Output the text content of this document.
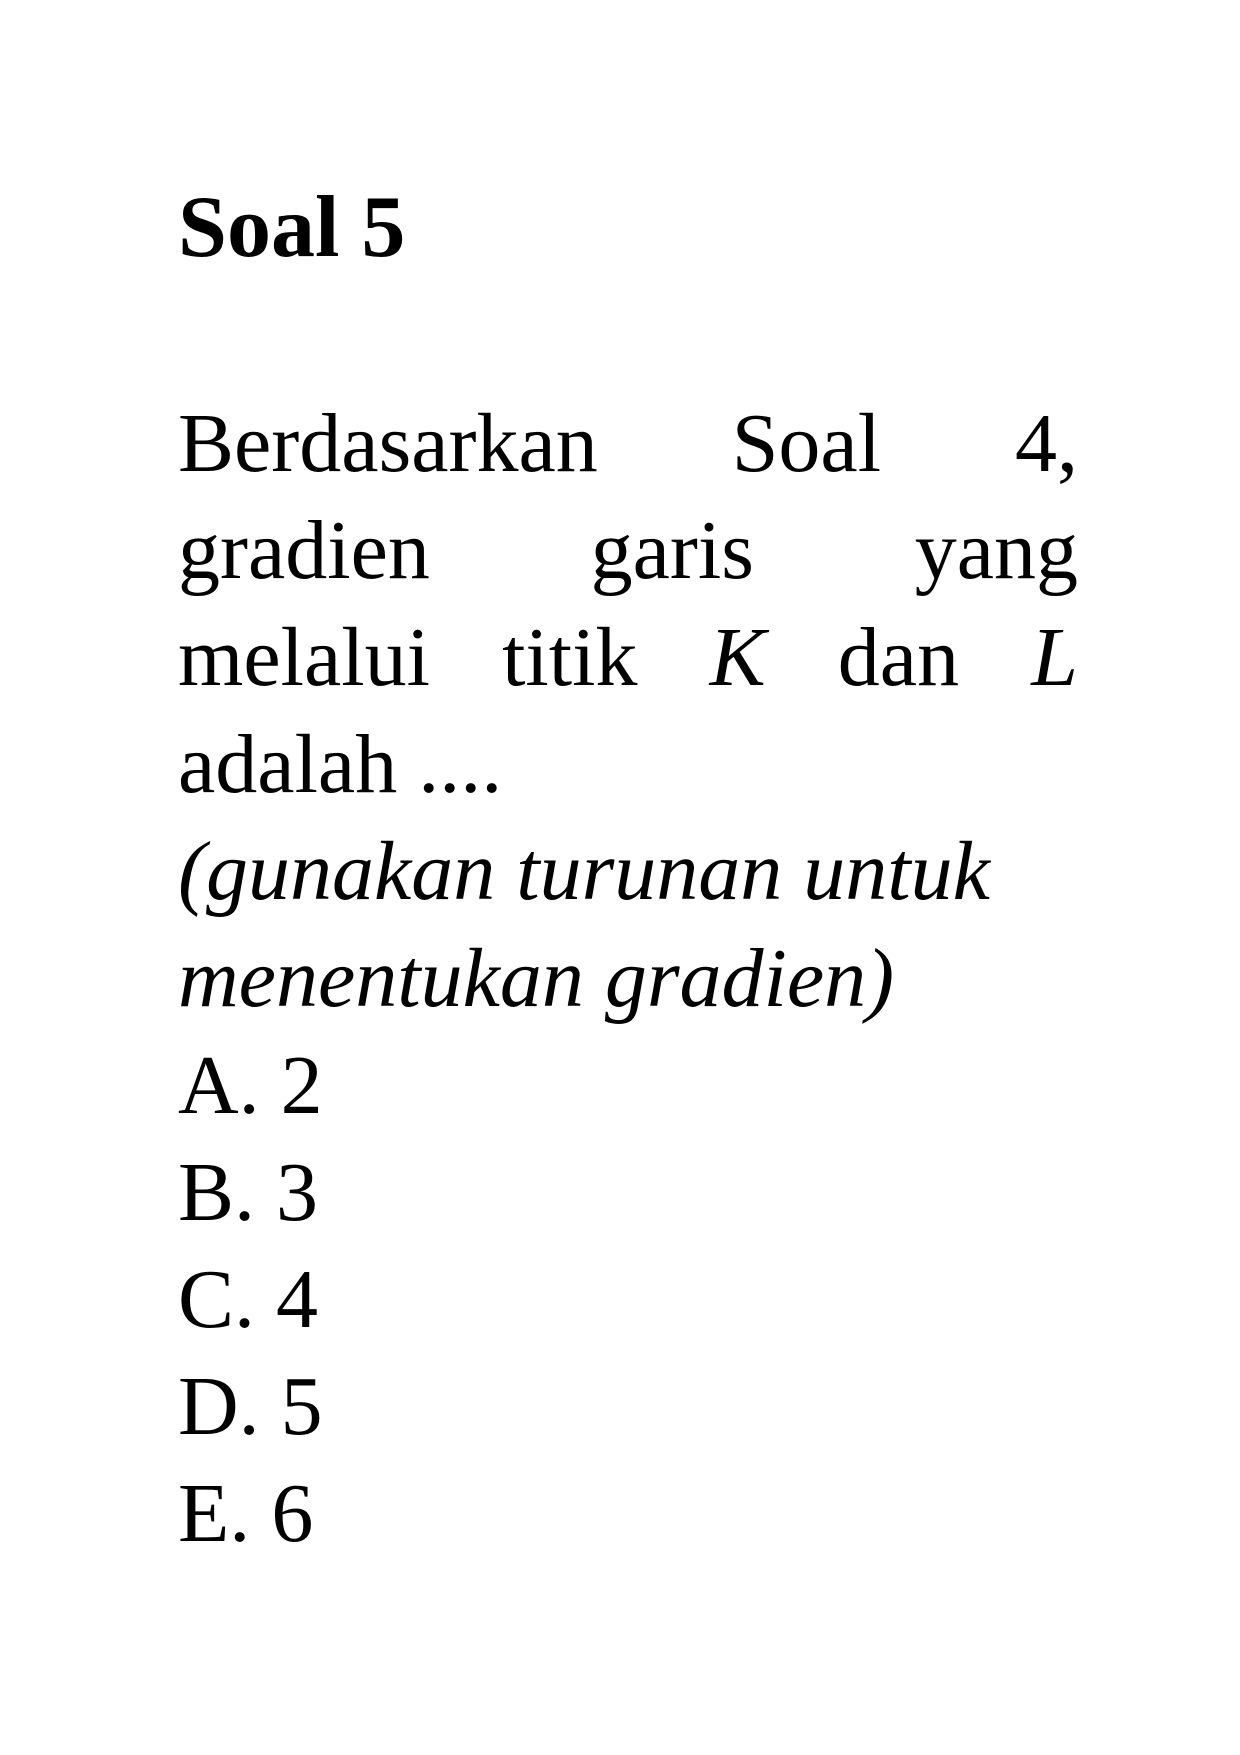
Soal 5
Berdasarkan Soal 4,
gradien garis yang
melalui titik K dan L
adalah ....
(gunakan turunan untuk
menentukan gradien)
A. 2
B. 3
C. 4
D. 5
E. 6
